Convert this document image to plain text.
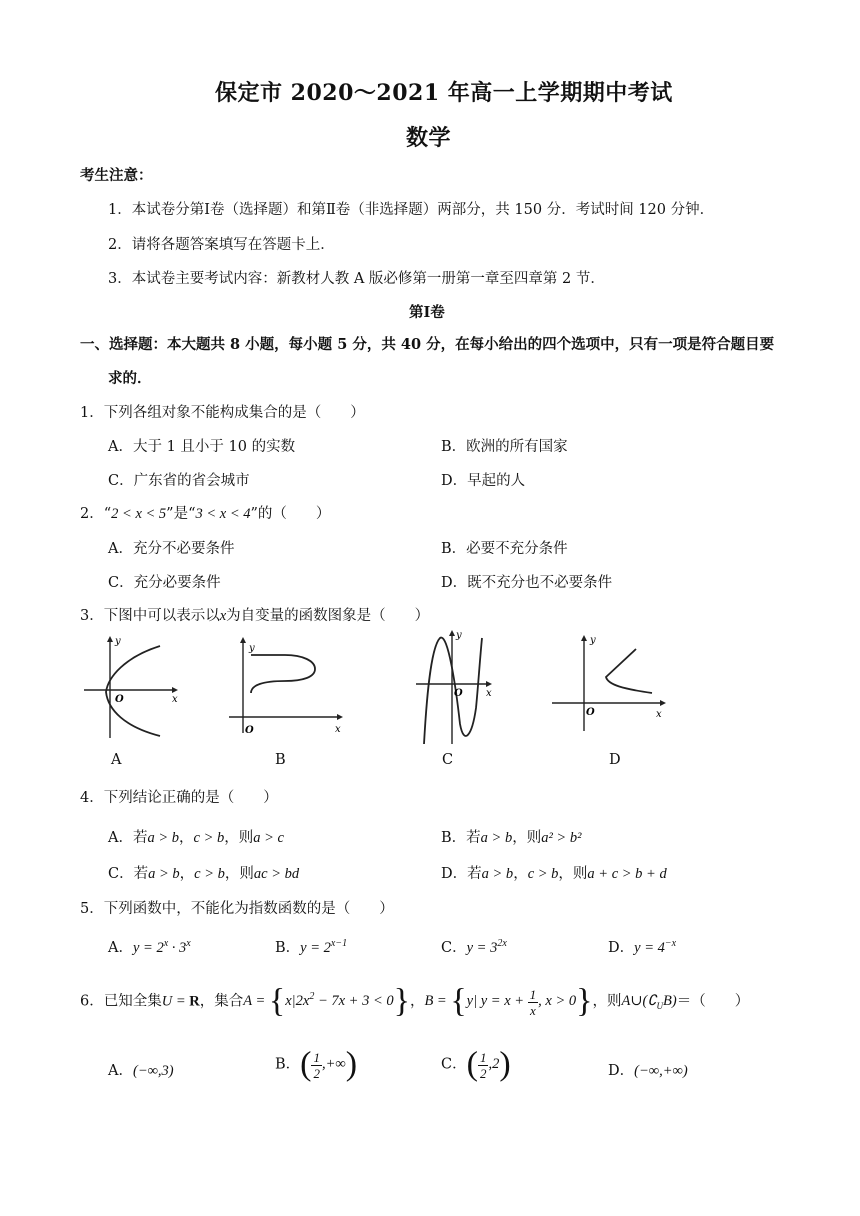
保定市 2020～2021 年高一上学期期中考试
数学
考生注意：
1．本试卷分第Ⅰ卷（选择题）和第Ⅱ卷（非选择题）两部分，共 150 分．考试时间 120 分钟．
2．请将各题答案填写在答题卡上．
3．本试卷主要考试内容：新教材人教 A 版必修第一册第一章至四章第 2 节．
第Ⅰ卷
一、选择题：本大题共 8 小题，每小题 5 分，共 40 分，在每小给出的四个选项中，只有一项是符合题目要
求的．
1．下列各组对象不能构成集合的是（　　）
A．大于 1 且小于 10 的实数	B．欧洲的所有国家
C．广东省的省会城市	D．早起的人
2．“2 < x < 5”是“3 < x < 4”的（　　）
A．充分不必要条件	B．必要不充分条件
C．充分必要条件	D．既不充分也不必要条件
3．下图中可以表示以x为自变量的函数图象是（　　）
y
x
O
y
x
O
y
x
O
y
x
O
A	B	C	D
4．下列结论正确的是（　　）
A．若a > b，c > b，则a > c	B．若a > b，则a² > b²
C．若a > b，c > b，则ac > bd	D．若a > b，c > b，则a + c > b + d
5．下列函数中，不能化为指数函数的是（　　）
A．$y = 2^x \cdot 3^x$	B．$y = 2^{x-1}$	C．$y = 3^{2x}$	D．$y = 4^{-x}$
6．已知全集U = R，集合$A = \{x|2x^2 - 7x + 3 < 0\}$，B = {y| $y = x + \frac{1}{x}$ , x > 0}，则$A\cup(∁_UB)=$（　　）
A．(−∞,3)	B．( $\frac{1}{2}$ ,+∞)	C．( $\frac{1}{2} ,2$)	D．(−∞,+∞)
